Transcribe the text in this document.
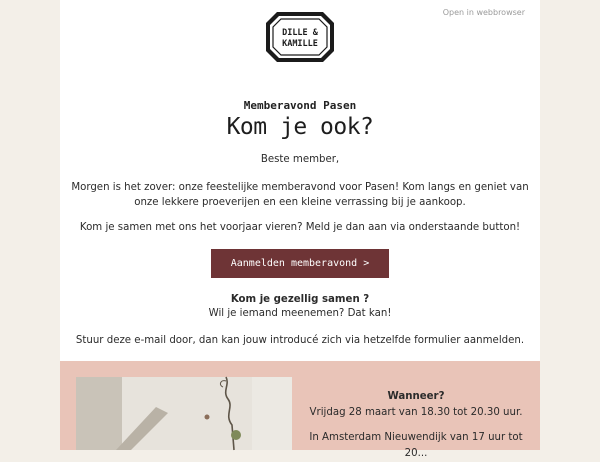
Open in webbrowser
DILLE &
KAMILLE
Memberavond Pasen
Kom je ook?
Beste member,
Morgen is het zover: onze feestelijke memberavond voor Pasen! Kom langs en geniet van onze lekkere proeverijen en een kleine verrassing bij je aankoop.
Kom je samen met ons het voorjaar vieren? Meld je dan aan via onderstaande button!
Aanmelden memberavond >
Kom je gezellig samen ?
Wil je iemand meenemen? Dat kan!
Stuur deze e-mail door, dan kan jouw introducé zich via hetzelfde formulier aanmelden.
Wanneer?
Vrijdag 28 maart van 18.30 tot 20.30 uur.
In Amsterdam Nieuwendijk van 17 uur tot 20...
